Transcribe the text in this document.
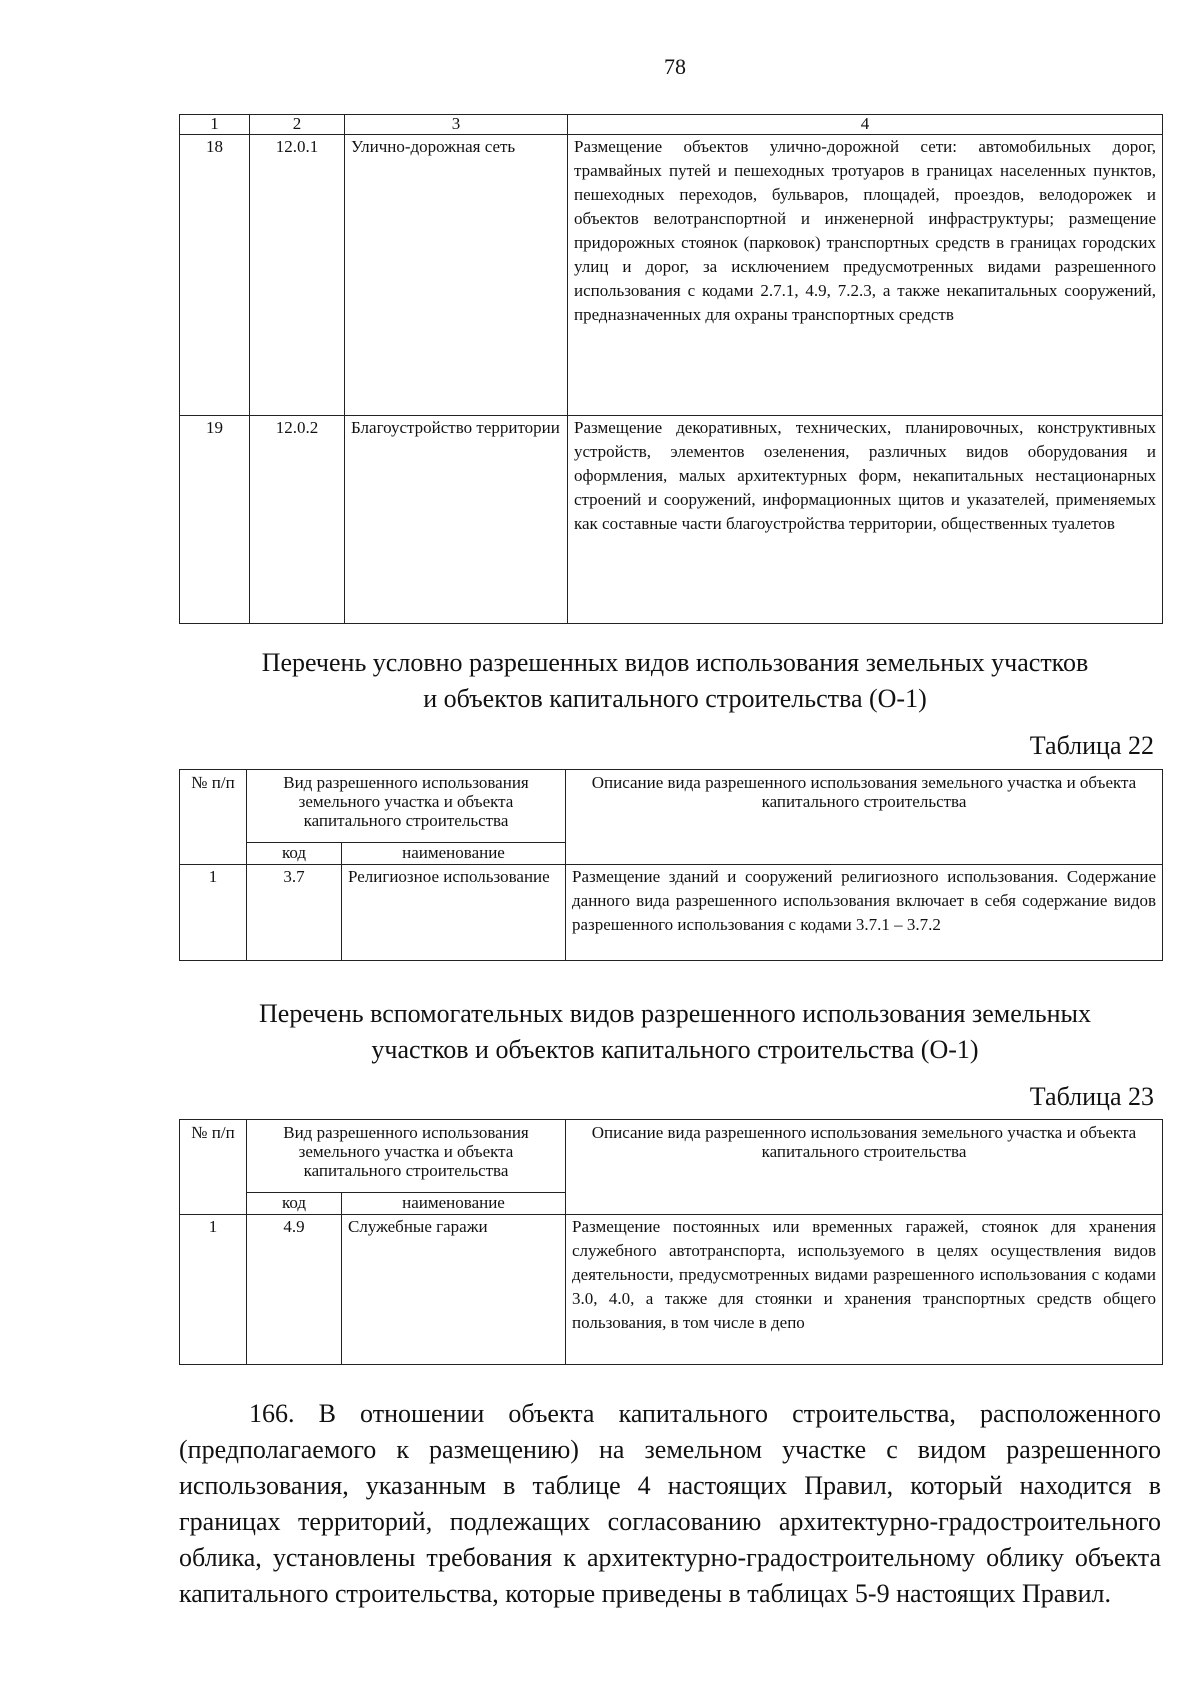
78
1	2	3	4
18	12.0.1	Улично-дорожная сеть	Размещение объектов улично-дорожной сети: автомобильных дорог, трамвайных путей и пешеходных тротуаров в границах населенных пунктов, пешеходных переходов, бульваров, площадей, проездов, велодорожек и объектов велотранспортной и инженерной инфраструктуры; размещение придорожных стоянок (парковок) транспортных средств в границах городских улиц и дорог, за исключением предусмотренных видами разрешенного использования с кодами 2.7.1, 4.9, 7.2.3, а также некапитальных сооружений, предназначенных для охраны транспортных средств
19	12.0.2	Благоустройство территории	Размещение декоративных, технических, планировочных, конструктивных устройств, элементов озеленения, различных видов оборудования и оформления, малых архитектурных форм, некапитальных нестационарных строений и сооружений, информационных щитов и указателей, применяемых как составные части благоустройства территории, общественных туалетов
Перечень условно разрешенных видов использования земельных участков
и объектов капитального строительства (О-1)
Таблица 22
№ п/п	Вид разрешенного использования земельного участка и объекта капитального строительства		Описание вида разрешенного использования земельного участка и объекта капитального строительства
	код	наименование	
1	3.7	Религиозное использование	Размещение зданий и сооружений религиозного использования. Содержание данного вида разрешенного использования включает в себя содержание видов разрешенного использования с кодами 3.7.1 – 3.7.2
Перечень вспомогательных видов разрешенного использования земельных
участков и объектов капитального строительства (О-1)
Таблица 23
№ п/п	Вид разрешенного использования земельного участка и объекта капитального строительства		Описание вида разрешенного использования земельного участка и объекта капитального строительства
	код	наименование	
1	4.9	Служебные гаражи	Размещение постоянных или временных гаражей, стоянок для хранения служебного автотранспорта, используемого в целях осуществления видов деятельности, предусмотренных видами разрешенного использования с кодами 3.0, 4.0, а также для стоянки и хранения транспортных средств общего пользования, в том числе в депо
166. В отношении объекта капитального строительства, расположенного (предполагаемого к размещению) на земельном участке с видом разрешенного использования, указанным в таблице 4 настоящих Правил, который находится в границах территорий, подлежащих согласованию архитектурно-градостроительного облика, установлены требования к архитектурно-градостроительному облику объекта капитального строительства, которые приведены в таблицах 5-9 настоящих Правил.
